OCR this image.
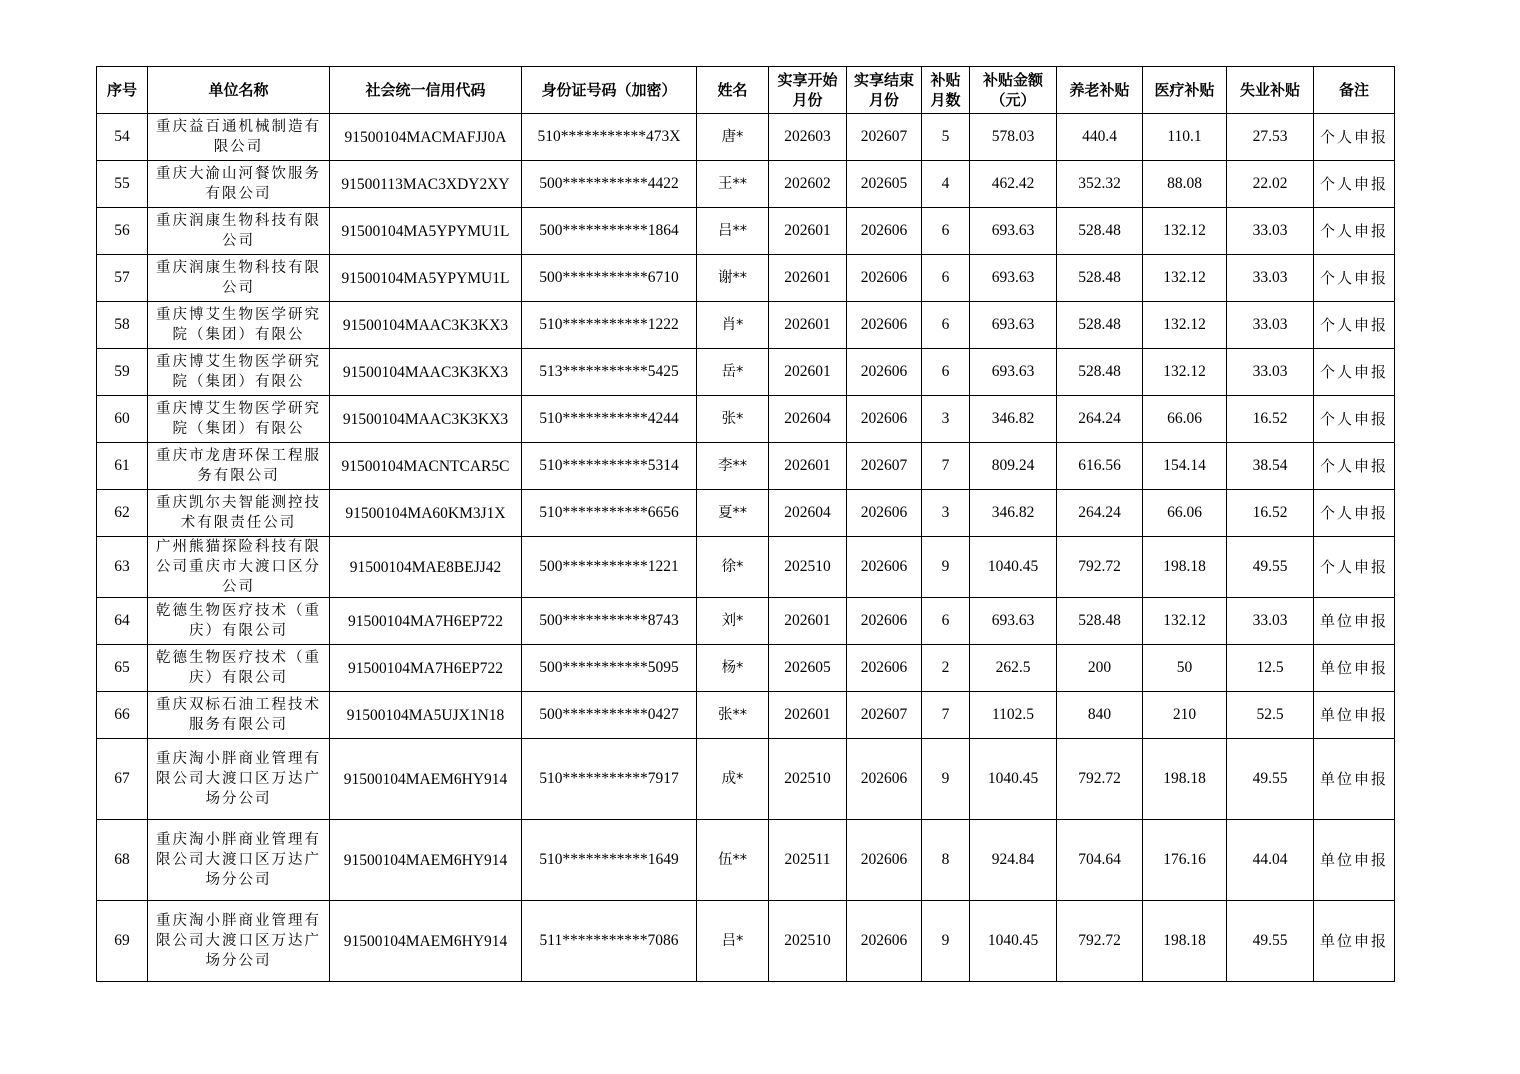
序号	单位名称	社会统一信用代码	身份证号码（加密）	姓名	实享开始月份	实享结束月份	补贴月数	补贴金额（元）	养老补贴	医疗补贴	失业补贴	备注
54	重庆益百通机械制造有限公司	91500104MACMAFJJ0A	510***********473X	唐*	202603	202607	5	578.03	440.4	110.1	27.53	个人申报
55	重庆大渝山河餐饮服务有限公司	91500113MAC3XDY2XY	500***********4422	王**	202602	202605	4	462.42	352.32	88.08	22.02	个人申报
56	重庆润康生物科技有限公司	91500104MA5YPYMU1L	500***********1864	吕**	202601	202606	6	693.63	528.48	132.12	33.03	个人申报
57	重庆润康生物科技有限公司	91500104MA5YPYMU1L	500***********6710	谢**	202601	202606	6	693.63	528.48	132.12	33.03	个人申报
58	重庆博艾生物医学研究院（集团）有限公	91500104MAAC3K3KX3	510***********1222	肖*	202601	202606	6	693.63	528.48	132.12	33.03	个人申报
59	重庆博艾生物医学研究院（集团）有限公	91500104MAAC3K3KX3	513***********5425	岳*	202601	202606	6	693.63	528.48	132.12	33.03	个人申报
60	重庆博艾生物医学研究院（集团）有限公	91500104MAAC3K3KX3	510***********4244	张*	202604	202606	3	346.82	264.24	66.06	16.52	个人申报
61	重庆市龙唐环保工程服务有限公司	91500104MACNTCAR5C	510***********5314	李**	202601	202607	7	809.24	616.56	154.14	38.54	个人申报
62	重庆凯尔夫智能测控技术有限责任公司	91500104MA60KM3J1X	510***********6656	夏**	202604	202606	3	346.82	264.24	66.06	16.52	个人申报
63	广州熊猫探险科技有限公司重庆市大渡口区分公司	91500104MAE8BEJJ42	500***********1221	徐*	202510	202606	9	1040.45	792.72	198.18	49.55	个人申报
64	乾德生物医疗技术（重庆）有限公司	91500104MA7H6EP722	500***********8743	刘*	202601	202606	6	693.63	528.48	132.12	33.03	单位申报
65	乾德生物医疗技术（重庆）有限公司	91500104MA7H6EP722	500***********5095	杨*	202605	202606	2	262.5	200	50	12.5	单位申报
66	重庆双标石油工程技术服务有限公司	91500104MA5UJX1N18	500***********0427	张**	202601	202607	7	1102.5	840	210	52.5	单位申报
67	重庆淘小胖商业管理有限公司大渡口区万达广场分公司	91500104MAEM6HY914	510***********7917	成*	202510	202606	9	1040.45	792.72	198.18	49.55	单位申报
68	重庆淘小胖商业管理有限公司大渡口区万达广场分公司	91500104MAEM6HY914	510***********1649	伍**	202511	202606	8	924.84	704.64	176.16	44.04	单位申报
69	重庆淘小胖商业管理有限公司大渡口区万达广场分公司	91500104MAEM6HY914	511***********7086	吕*	202510	202606	9	1040.45	792.72	198.18	49.55	单位申报
